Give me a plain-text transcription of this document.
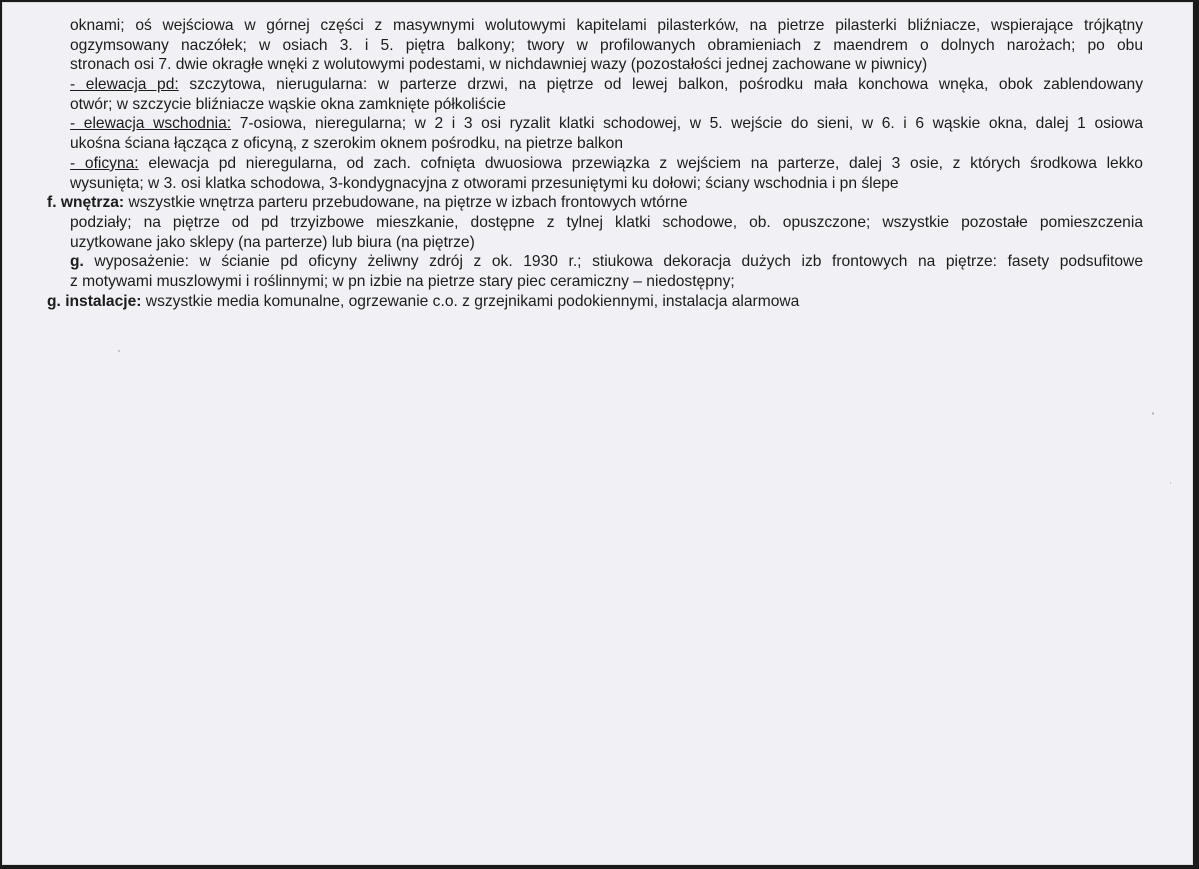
oknami; oś wejściowa w górnej części z masywnymi wolutowymi kapitelami pilasterków, na pietrze pilasterki bliźniacze, wspierające trójkątny
ogzymsowany naczółek; w osiach 3. i 5. piętra balkony; twory w profilowanych obramieniach z maendrem o dolnych narożach; po obu
stronach osi 7. dwie okragłe wnęki z wolutowymi podestami, w nichdawniej wazy (pozostałości jednej zachowane w piwnicy)
- elewacja pd: szczytowa, nierugularna: w parterze drzwi, na piętrze od lewej balkon, pośrodku mała konchowa wnęka, obok zablendowany
otwór; w szczycie bliźniacze wąskie okna zamknięte półkoliście
- elewacja wschodnia: 7-osiowa, nieregularna; w 2 i 3 osi ryzalit klatki schodowej, w 5. wejście do sieni, w 6. i 6 wąskie okna, dalej 1 osiowa
ukośna ściana łącząca z oficyną, z szerokim oknem pośrodku, na pietrze balkon
- oficyna: elewacja pd nieregularna, od zach. cofnięta dwuosiowa przewiązka z wejściem na parterze, dalej 3 osie, z których środkowa lekko
wysunięta; w 3. osi klatka schodowa, 3-kondygnacyjna z otworami przesuniętymi ku dołowi; ściany wschodnia i pn ślepe
f. wnętrza: wszystkie wnętrza parteru przebudowane, na piętrze w izbach frontowych wtórne
podziały; na piętrze od pd trzyizbowe mieszkanie, dostępne z tylnej klatki schodowe, ob. opuszczone; wszystkie pozostałe pomieszczenia
uzytkowane jako sklepy (na parterze) lub biura (na piętrze)
g. wyposażenie: w ścianie pd oficyny żeliwny zdrój z ok. 1930 r.; stiukowa dekoracja dużych izb frontowych na piętrze: fasety podsufitowe
z motywami muszlowymi i roślinnymi; w pn izbie na pietrze stary piec ceramiczny – niedostępny;
g. instalacje: wszystkie media komunalne, ogrzewanie c.o. z grzejnikami podokiennymi, instalacja alarmowa
